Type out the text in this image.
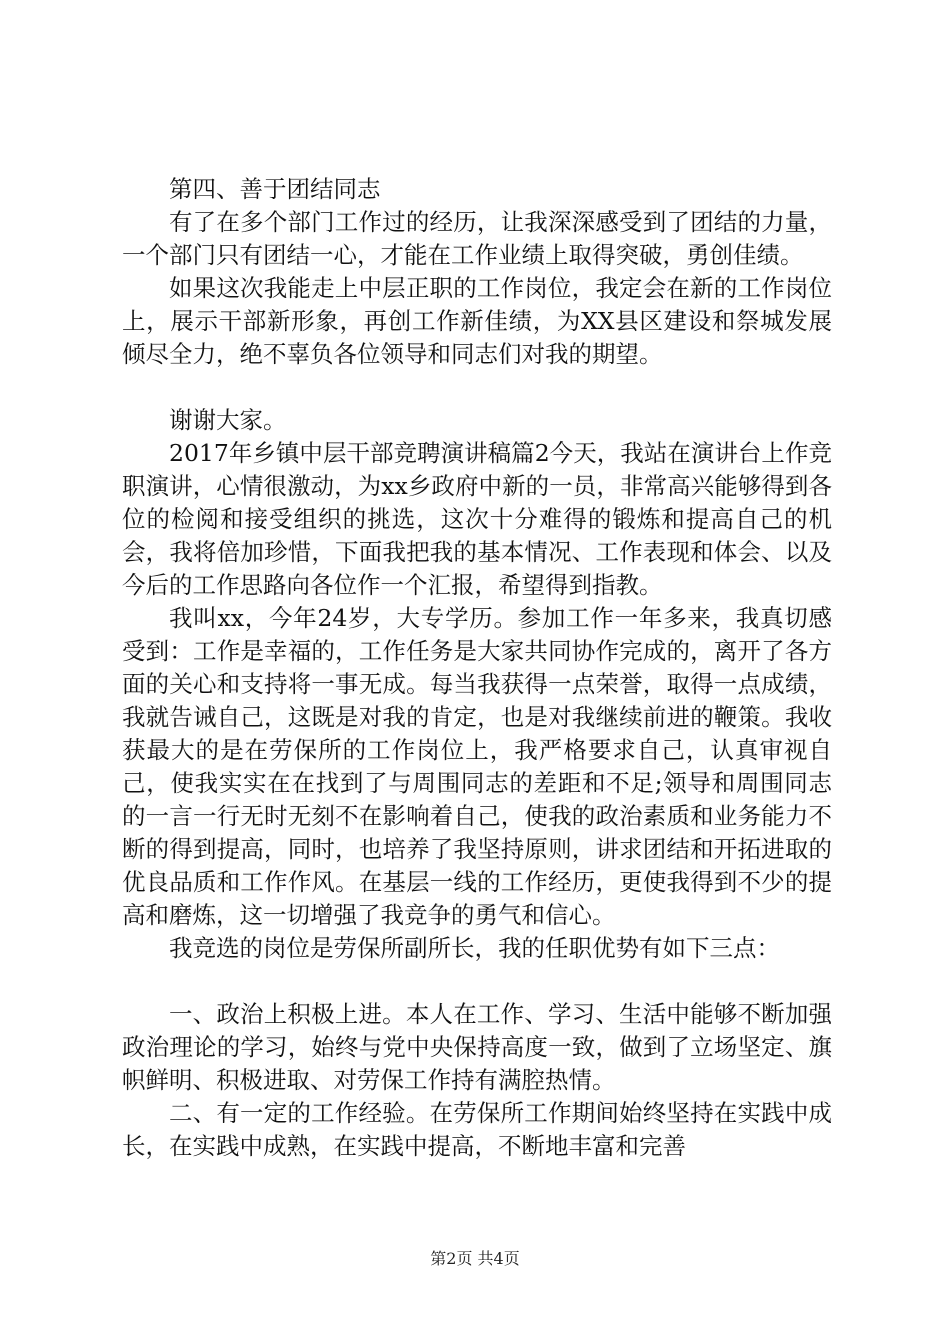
第四、善于团结同志

有了在多个部门工作过的经历，让我深深感受到了团结的力量，一个部门只有团结一心，才能在工作业绩上取得突破，勇创佳绩。

如果这次我能走上中层正职的工作岗位，我定会在新的工作岗位上，展示干部新形象，再创工作新佳绩，为XX县区建设和祭城发展倾尽全力，绝不辜负各位领导和同志们对我的期望。

谢谢大家。

2017年乡镇中层干部竞聘演讲稿篇2今天，我站在演讲台上作竞职演讲，心情很激动，为xx乡政府中新的一员，非常高兴能够得到各位的检阅和接受组织的挑选，这次十分难得的锻炼和提高自己的机会，我将倍加珍惜，下面我把我的基本情况、工作表现和体会、以及今后的工作思路向各位作一个汇报，希望得到指教。

我叫xx，今年24岁，大专学历。参加工作一年多来，我真切感受到：工作是幸福的，工作任务是大家共同协作完成的，离开了各方面的关心和支持将一事无成。每当我获得一点荣誉，取得一点成绩，我就告诫自己，这既是对我的肯定，也是对我继续前进的鞭策。我收获最大的是在劳保所的工作岗位上，我严格要求自己，认真审视自己，使我实实在在找到了与周围同志的差距和不足;领导和周围同志的一言一行无时无刻不在影响着自己，使我的政治素质和业务能力不断的得到提高，同时，也培养了我坚持原则，讲求团结和开拓进取的优良品质和工作作风。在基层一线的工作经历，更使我得到不少的提高和磨炼，这一切增强了我竞争的勇气和信心。

我竞选的岗位是劳保所副所长，我的任职优势有如下三点：

一、政治上积极上进。本人在工作、学习、生活中能够不断加强政治理论的学习，始终与党中央保持高度一致，做到了立场坚定、旗帜鲜明、积极进取、对劳保工作持有满腔热情。

二、有一定的工作经验。在劳保所工作期间始终坚持在实践中成长，在实践中成熟，在实践中提高，不断地丰富和完善

第2页 共4页
